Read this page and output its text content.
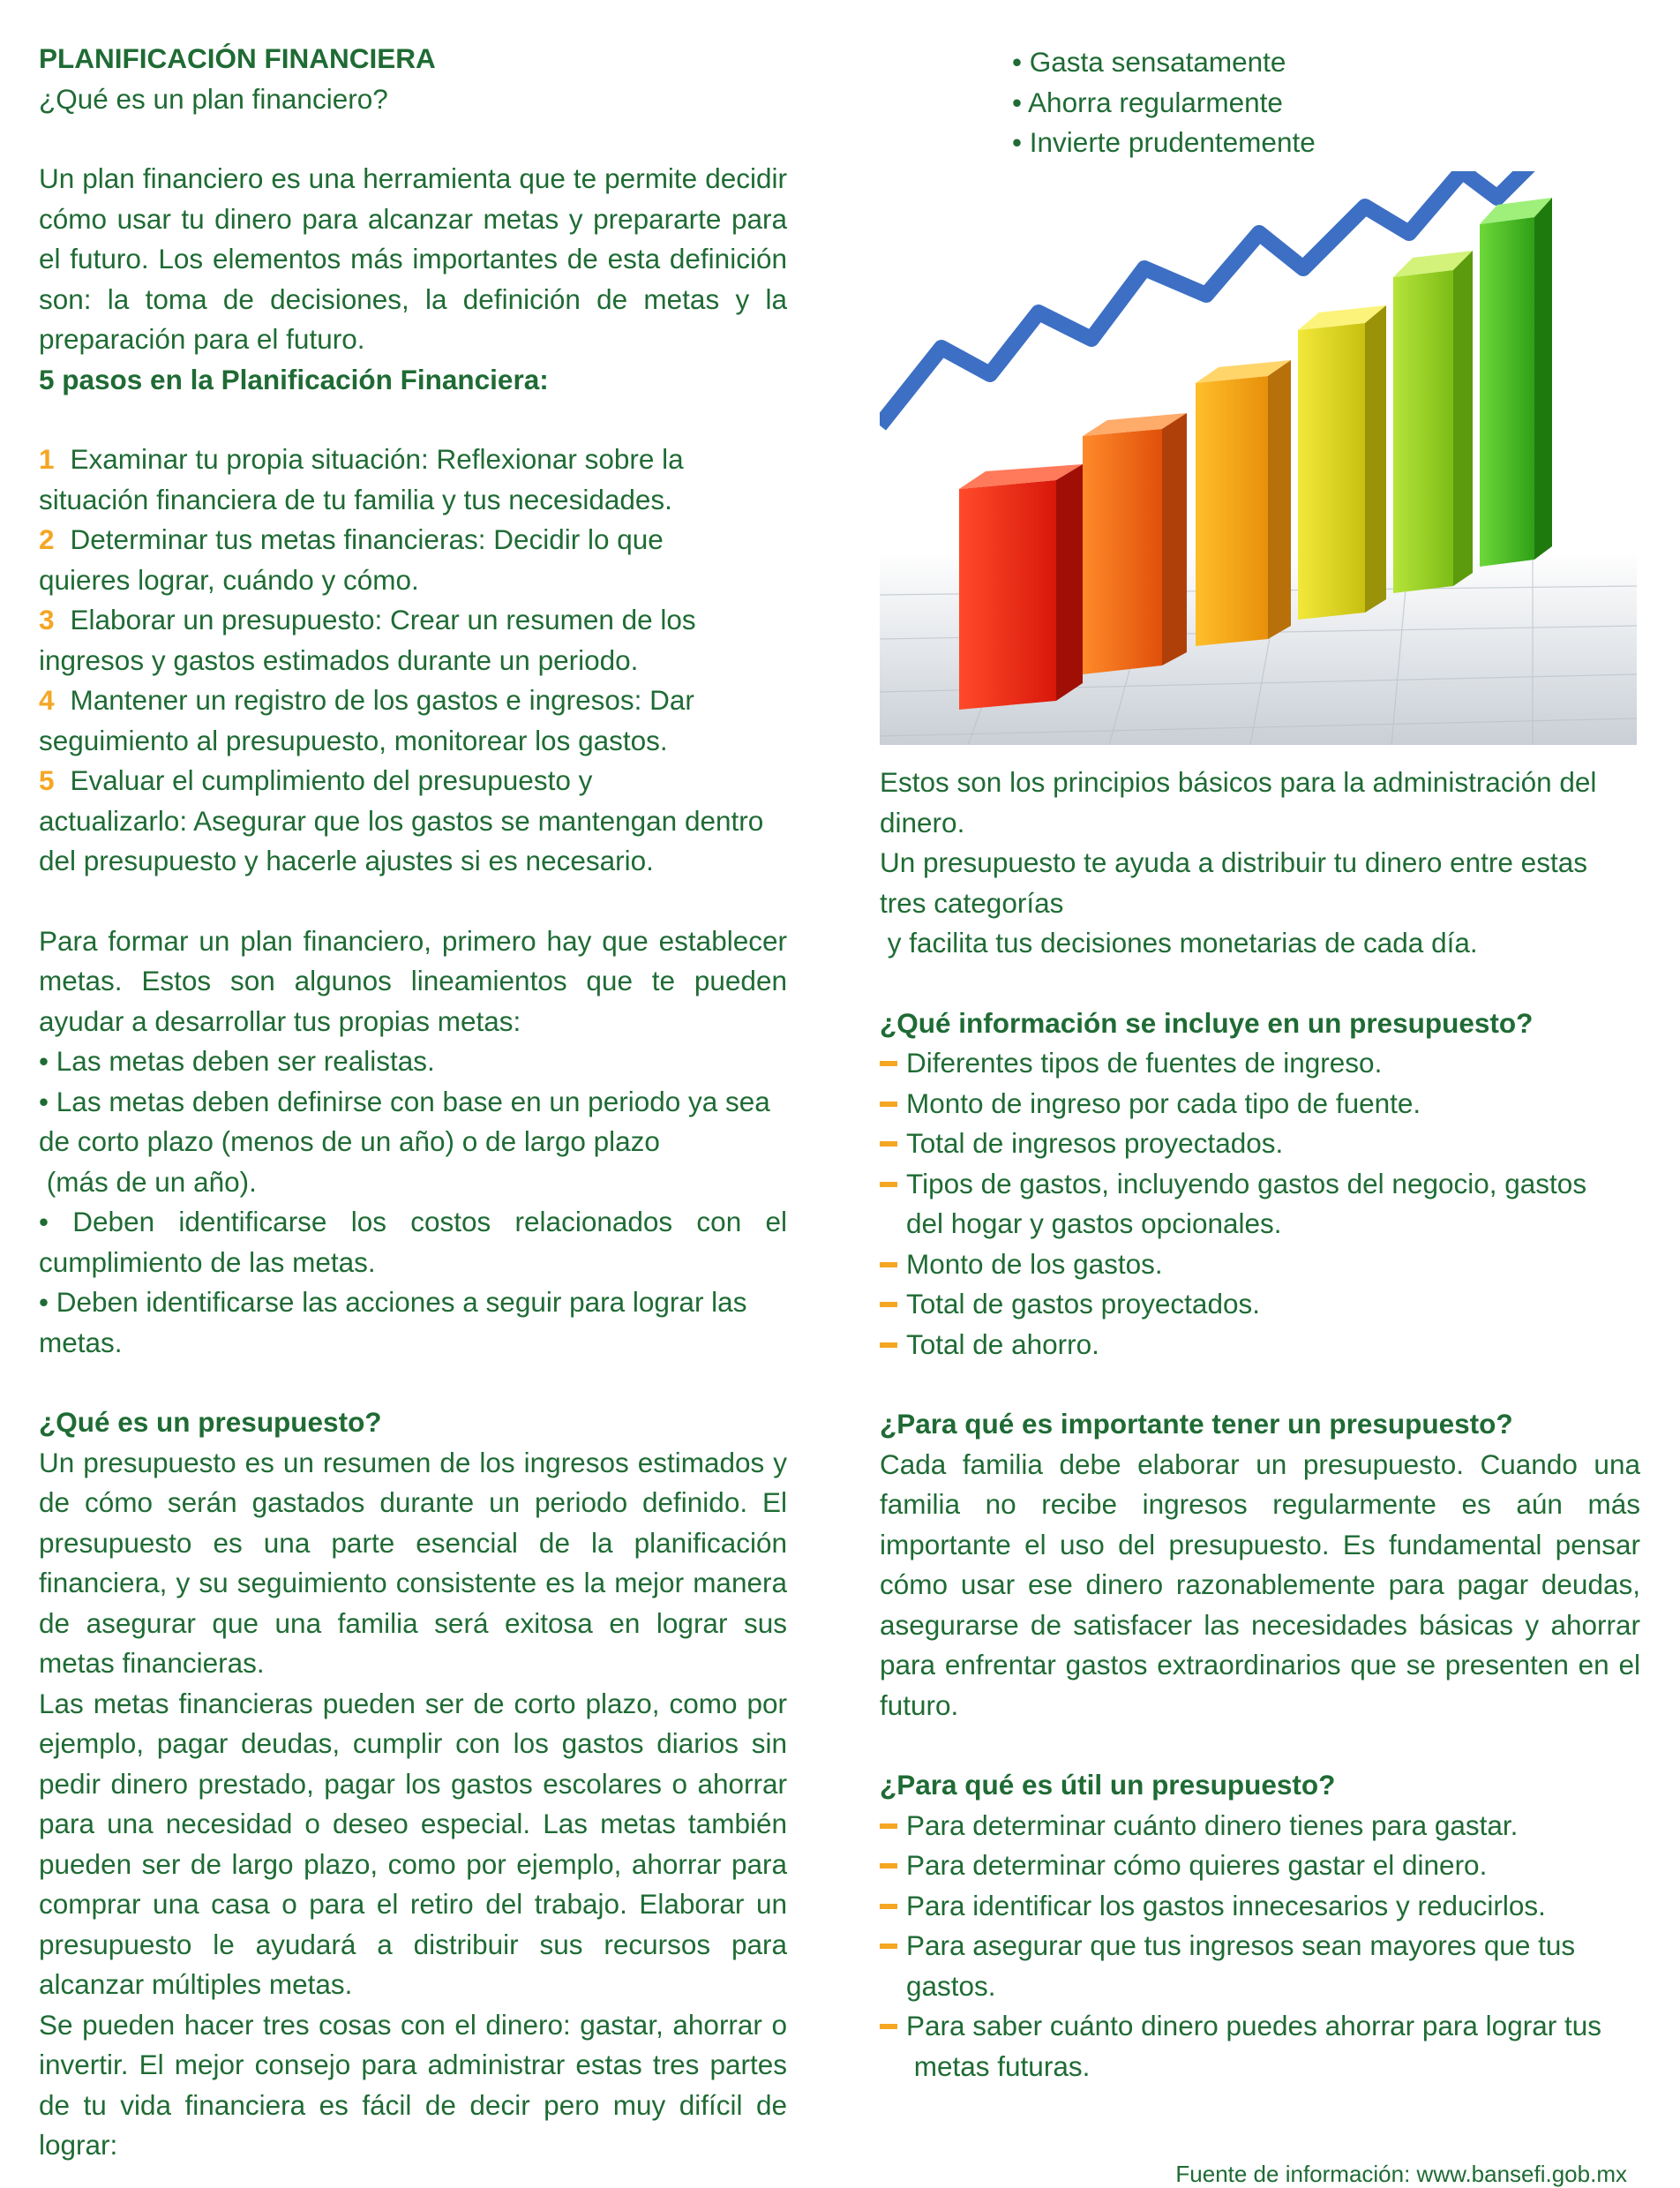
PLANIFICACIÓN FINANCIERA

¿Qué es un plan financiero?

Un plan financiero es una herramienta que te permite decidir cómo usar tu dinero para alcanzar metas y prepararte para el futuro. Los elementos más importantes de esta definición son: la toma de decisiones, la definición de metas y la preparación para el futuro.

5 pasos en la Planificación Financiera:

1 Examinar tu propia situación: Reflexionar sobre la

situación financiera de tu familia y tus necesidades.

2 Determinar tus metas financieras: Decidir lo que

quieres lograr, cuándo y cómo.

3 Elaborar un presupuesto: Crear un resumen de los

ingresos y gastos estimados durante un periodo.

4 Mantener un registro de los gastos e ingresos: Dar

seguimiento al presupuesto, monitorear los gastos.

5 Evaluar el cumplimiento del presupuesto y

actualizarlo: Asegurar que los gastos se mantengan dentro del presupuesto y hacerle ajustes si es necesario.

Para formar un plan financiero, primero hay que establecer metas. Estos son algunos lineamientos que te pueden ayudar a desarrollar tus propias metas:

• Las metas deben ser realistas.

• Las metas deben definirse con base en un periodo ya sea de corto plazo (menos de un año) o de largo plazo

(más de un año).

• Deben identificarse los costos relacionados con el cumplimiento de las metas.

• Deben identificarse las acciones a seguir para lograr las metas.

¿Qué es un presupuesto?

Un presupuesto es un resumen de los ingresos estimados y de cómo serán gastados durante un periodo definido. El presupuesto es una parte esencial de la planificación financiera, y su seguimiento consistente es la mejor manera de asegurar que una familia será exitosa en lograr sus metas financieras.

Las metas financieras pueden ser de corto plazo, como por ejemplo, pagar deudas, cumplir con los gastos diarios sin pedir dinero prestado, pagar los gastos escolares o ahorrar para una necesidad o deseo especial. Las metas también pueden ser de largo plazo, como por ejemplo, ahorrar para comprar una casa o para el retiro del trabajo. Elaborar un presupuesto le ayudará a distribuir sus recursos para alcanzar múltiples metas.

Se pueden hacer tres cosas con el dinero: gastar, ahorrar o invertir. El mejor consejo para administrar estas tres partes de tu vida financiera es fácil de decir pero muy difícil de lograr:

• Gasta sensatamente

• Ahorra regularmente

• Invierte prudentemente

Estos son los principios básicos para la administración del dinero.

Un presupuesto te ayuda a distribuir tu dinero entre estas tres categorías

y facilita tus decisiones monetarias de cada día.

¿Qué información se incluye en un presupuesto?

Diferentes tipos de fuentes de ingreso.
Monto de ingreso por cada tipo de fuente.
Total de ingresos proyectados.
Tipos de gastos, incluyendo gastos del negocio, gastos
del hogar y gastos opcionales.
Monto de los gastos.
Total de gastos proyectados.
Total de ahorro.

¿Para qué es importante tener un presupuesto?

Cada familia debe elaborar un presupuesto. Cuando una familia no recibe ingresos regularmente es aún más importante el uso del presupuesto. Es fundamental pensar cómo usar ese dinero razonablemente para pagar deudas, asegurarse de satisfacer las necesidades básicas y ahorrar para enfrentar gastos extraordinarios que se presenten en el futuro.

¿Para qué es útil un presupuesto?

Para determinar cuánto dinero tienes para gastar.
Para determinar cómo quieres gastar el dinero.
Para identificar los gastos innecesarios y reducirlos.
Para asegurar que tus ingresos sean mayores que tus
gastos.
Para saber cuánto dinero puedes ahorrar para lograr tus
metas futuras.
Fuente de información: www.bansefi.gob.mx
